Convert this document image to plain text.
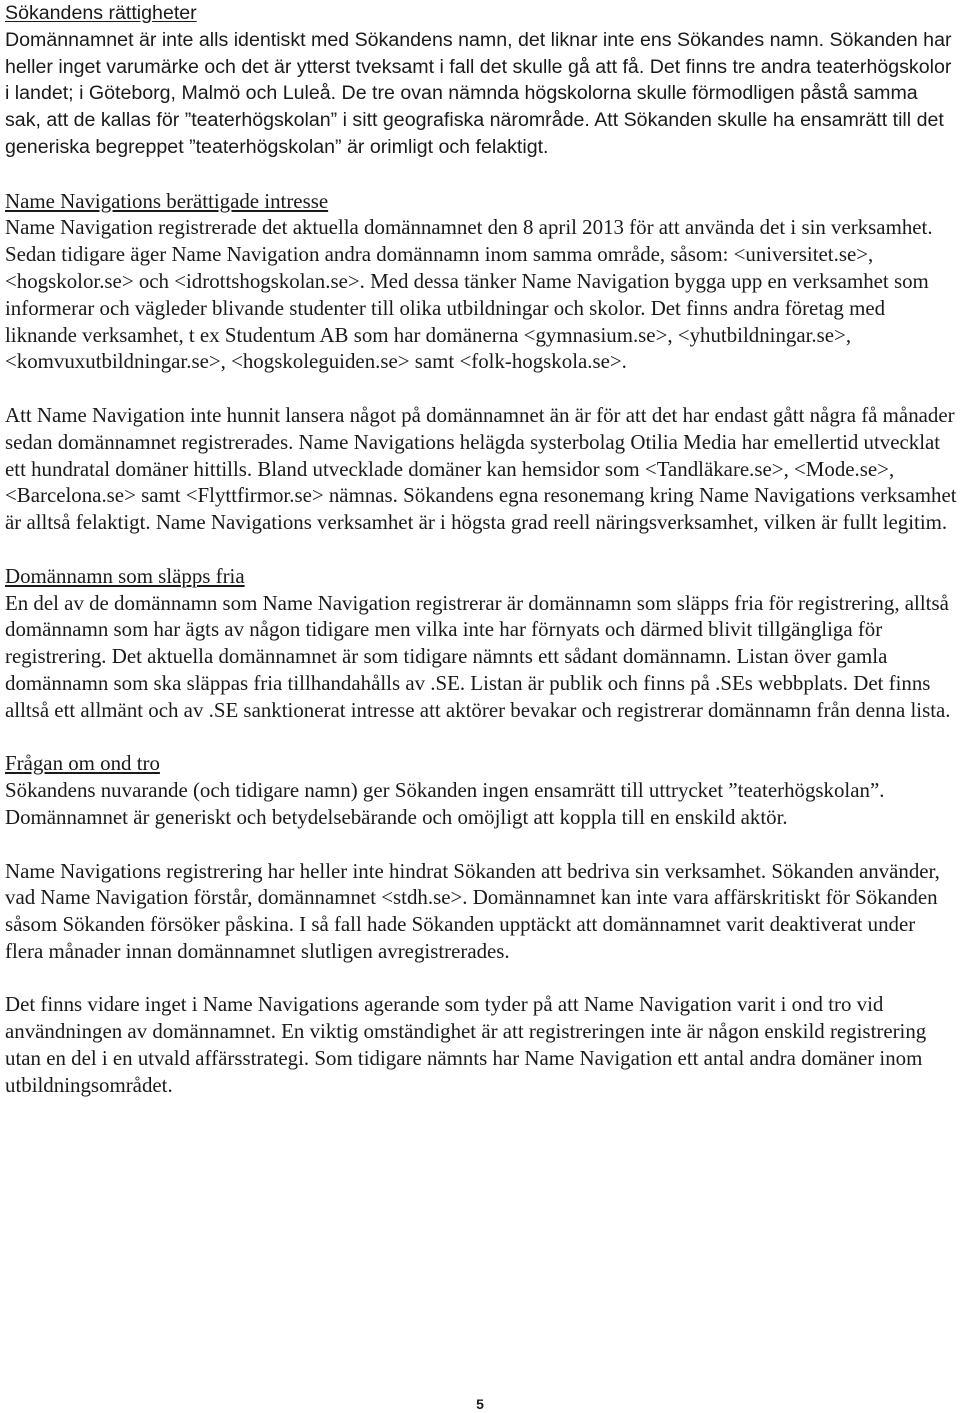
Sökandens rättigheter

Domännamnet är inte alls identiskt med Sökandens namn, det liknar inte ens Sökandes namn. Sökanden har heller inget varumärke och det är ytterst tveksamt i fall det skulle gå att få. Det finns tre andra teaterhögskolor i landet; i Göteborg, Malmö och Luleå. De tre ovan nämnda högskolorna skulle förmodligen påstå samma sak, att de kallas för ”teaterhögskolan” i sitt geografiska närområde. Att Sökanden skulle ha ensamrätt till det generiska begreppet ”teaterhögskolan” är orimligt och felaktigt.

Name Navigations berättigade intresse

Name Navigation registrerade det aktuella domännamnet den 8 april 2013 för att använda det i sin verksamhet. Sedan tidigare äger Name Navigation andra domännamn inom samma område, såsom: <universitet.se>, <hogskolor.se> och <idrottshogskolan.se>. Med dessa tänker Name Navigation bygga upp en verksamhet som informerar och vägleder blivande studenter till olika utbildningar och skolor. Det finns andra företag med liknande verksamhet, t ex Studentum AB som har domänerna <gymnasium.se>, <yhutbildningar.se>, <komvuxutbildningar.se>, <hogskoleguiden.se> samt <folk-hogskola.se>.

Att Name Navigation inte hunnit lansera något på domännamnet än är för att det har endast gått några få månader sedan domännamnet registrerades. Name Navigations helägda systerbolag Otilia Media har emellertid utvecklat ett hundratal domäner hittills. Bland utvecklade domäner kan hemsidor som <Tandläkare.se>, <Mode.se>, <Barcelona.se> samt <Flyttfirmor.se> nämnas. Sökandens egna resonemang kring Name Navigations verksamhet är alltså felaktigt. Name Navigations verksamhet är i högsta grad reell näringsverksamhet, vilken är fullt legitim.

Domännamn som släpps fria

En del av de domännamn som Name Navigation registrerar är domännamn som släpps fria för registrering, alltså domännamn som har ägts av någon tidigare men vilka inte har förnyats och därmed blivit tillgängliga för registrering. Det aktuella domännamnet är som tidigare nämnts ett sådant domännamn. Listan över gamla domännamn som ska släppas fria tillhandahålls av .SE. Listan är publik och finns på .SEs webbplats. Det finns alltså ett allmänt och av .SE sanktionerat intresse att aktörer bevakar och registrerar domännamn från denna lista.

Frågan om ond tro

Sökandens nuvarande (och tidigare namn) ger Sökanden ingen ensamrätt till uttrycket ”teaterhögskolan”. Domännamnet är generiskt och betydelsebärande och omöjligt att koppla till en enskild aktör.

Name Navigations registrering har heller inte hindrat Sökanden att bedriva sin verksamhet. Sökanden använder, vad Name Navigation förstår, domännamnet <stdh.se>. Domännamnet kan inte vara affärskritiskt för Sökanden såsom Sökanden försöker påskina. I så fall hade Sökanden upptäckt att domännamnet varit deaktiverat under flera månader innan domännamnet slutligen avregistrerades.

Det finns vidare inget i Name Navigations agerande som tyder på att Name Navigation varit i ond tro vid användningen av domännamnet. En viktig omständighet är att registreringen inte är någon enskild registrering utan en del i en utvald affärsstrategi. Som tidigare nämnts har Name Navigation ett antal andra domäner inom utbildningsområdet.

5
